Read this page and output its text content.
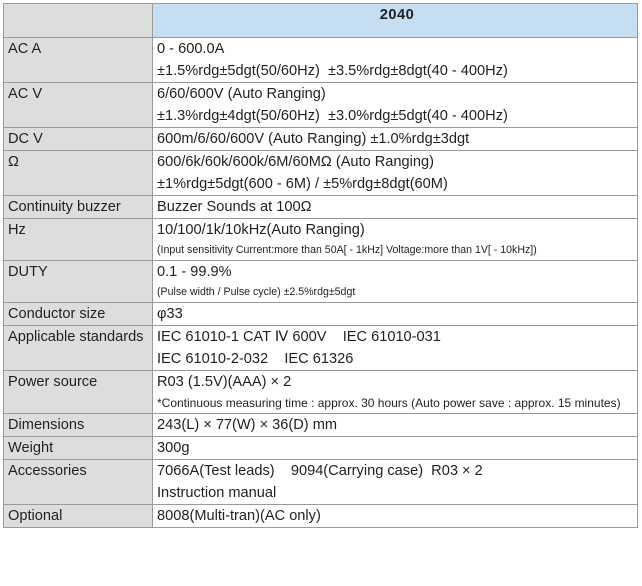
	2040
AC A	0 - 600.0A
±1.5%rdg±5dgt(50/60Hz)  ±3.5%rdg±8dgt(40 - 400Hz)

AC V	6/60/600V (Auto Ranging)
±1.3%rdg±4dgt(50/60Hz)  ±3.0%rdg±5dgt(40 - 400Hz)

DC V	600m/6/60/600V (Auto Ranging) ±1.0%rdg±3dgt

Ω	600/6k/60k/600k/6M/60MΩ (Auto Ranging)
±1%rdg±5dgt(600 - 6M) / ±5%rdg±8dgt(60M)

Continuity buzzer	Buzzer Sounds at 100Ω

Hz	10/100/1k/10kHz(Auto Ranging)
(Input sensitivity Current:more than 50A[ - 1kHz] Voltage:more than 1V[ - 10kHz])

DUTY	0.1 - 99.9%
(Pulse width / Pulse cycle) ±2.5%rdg±5dgt

Conductor size	φ33

Applicable standards	IEC 61010-1 CAT Ⅳ 600V    IEC 61010-031
IEC 61010-2-032    IEC 61326

Power source	R03 (1.5V)(AAA) × 2
*Continuous measuring time : approx. 30 hours (Auto power save : approx. 15 minutes)

Dimensions	243(L) × 77(W) × 36(D) mm

Weight	300g

Accessories	7066A(Test leads)    9094(Carrying case)  R03 × 2
Instruction manual

Optional	8008(Multi-tran)(AC only)
